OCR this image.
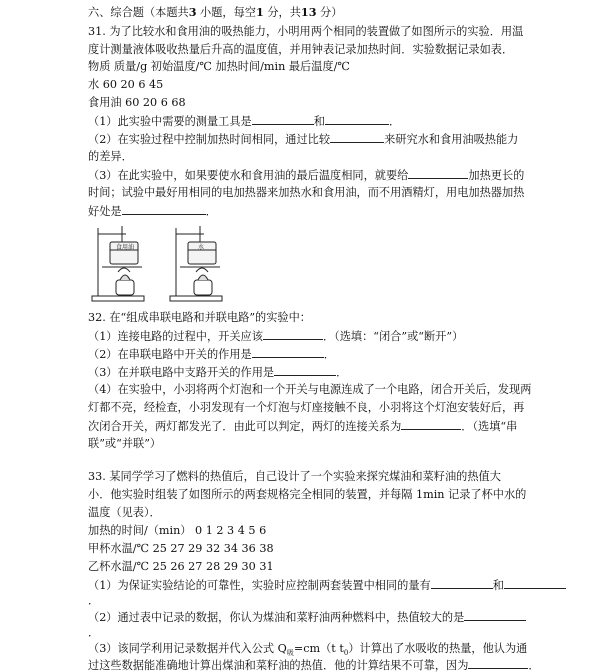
六、综合题（本题共3 小题，每空1 分，共13 分）
31. 为了比较水和食用油的吸热能力，小明用两个相同的装置做了如图所示的实验．用温
度计测量液体吸收热量后升高的温度值，并用钟表记录加热时间．实验数据记录如表．
物质 质量/g 初始温度/℃ 加热时间/min 最后温度/℃
水 60 20 6 45
食用油 60 20 6 68
（1）此实验中需要的测量工具是	和	．
（2）在实验过程中控制加热时间相同，通过比较	来研究水和食用油吸热能力
的差异．
（3）在此实验中，如果要使水和食用油的最后温度相同，就要给	加热更长的
时间；试验中最好用相同的电加热器来加热水和食用油，而不用酒精灯，用电加热器加热
好处是	．
食用油	水
32. 在“组成串联电路和并联电路”的实验中：
（1）连接电路的过程中，开关应该	．（选填：“闭合”或“断开”）
（2）在串联电路中开关的作用是	．
（3）在并联电路中支路开关的作用是	．
（4）在实验中，小羽将两个灯泡和一个开关与电源连成了一个电路，闭合开关后，发现两
灯都不亮，经检查，小羽发现有一个灯泡与灯座接触不良，小羽将这个灯泡安装好后，再
次闭合开关，两灯都发光了．由此可以判定，两灯的连接关系为	．（选填“串
联”或“并联”）
33. 某同学学习了燃料的热值后，自己设计了一个实验来探究煤油和菜籽油的热值大
小．他实验时组装了如图所示的两套规格完全相同的装置，并每隔 1min 记录了杯中水的
温度（见表）．
加热的时间/（min） 0 1 2 3 4 5 6
甲杯水温/℃ 25 27 29 32 34 36 38
乙杯水温/℃ 25 26 27 28 29 30 31
（1）为保证实验结论的可靠性，实验时应控制两套装置中相同的量有	和
．
（2）通过表中记录的数据，你认为煤油和菜籽油两种燃料中，热值较大的是
．
（3）该同学利用记录数据并代入公式 $Q_吸=cm(t$ $t_0$）计算出了水吸收的热量，他认为通
过这些数据能准确地计算出煤油和菜籽油的热值．他的计算结果不可靠，因为	．
